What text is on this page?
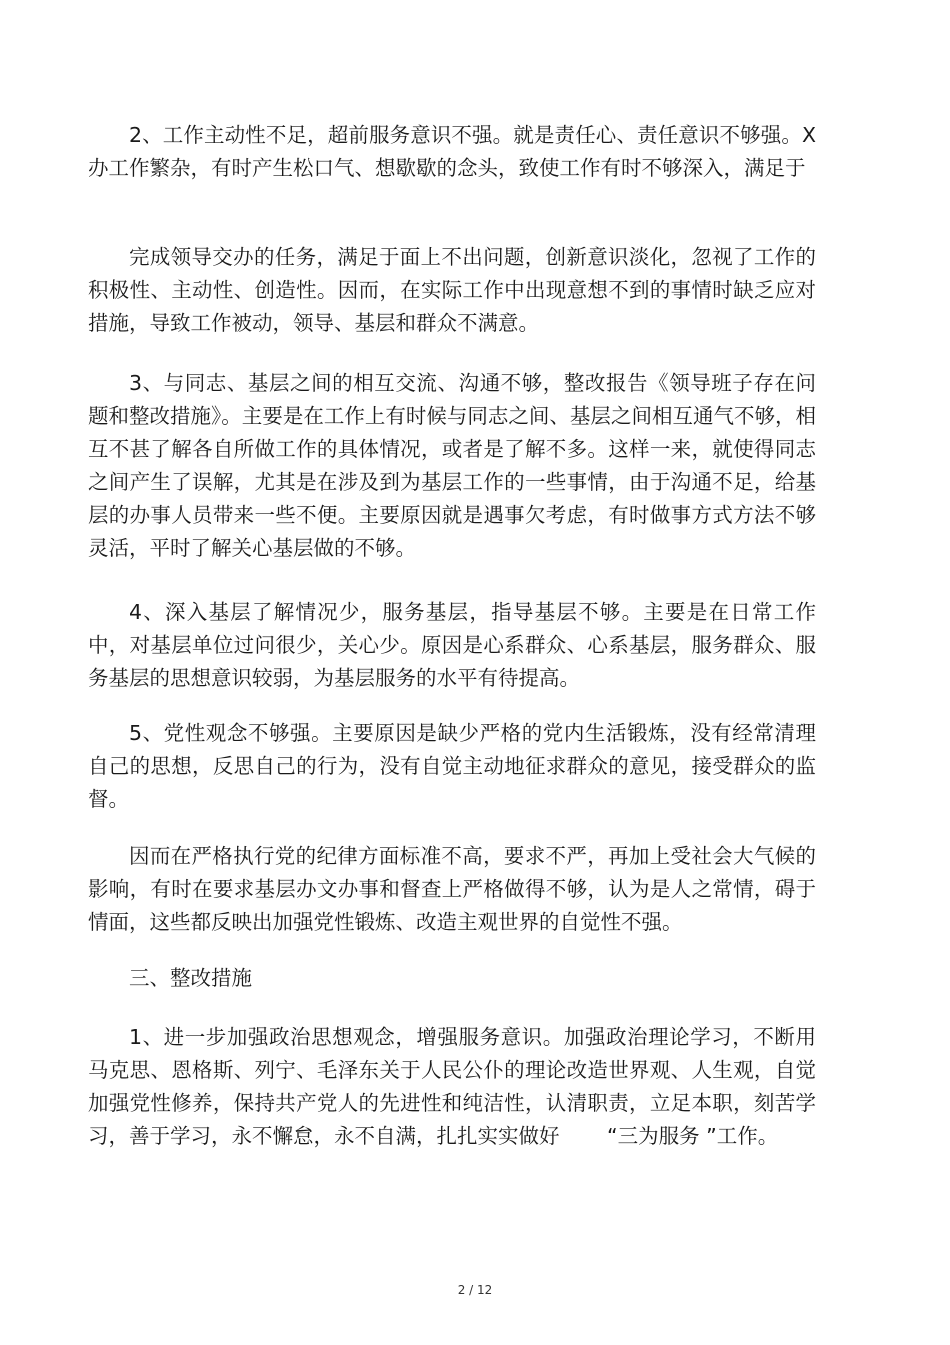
2、工作主动性不足，超前服务意识不强。就是责任心、责任意识不够强。X办工作繁杂，有时产生松口气、想歇歇的念头，致使工作有时不够深入，满足于

完成领导交办的任务，满足于面上不出问题，创新意识淡化，忽视了工作的积极性、主动性、创造性。因而，在实际工作中出现意想不到的事情时缺乏应对措施，导致工作被动，领导、基层和群众不满意。

3、与同志、基层之间的相互交流、沟通不够，整改报告《领导班子存在问题和整改措施》。主要是在工作上有时候与同志之间、基层之间相互通气不够，相互不甚了解各自所做工作的具体情况，或者是了解不多。这样一来，就使得同志之间产生了误解，尤其是在涉及到为基层工作的一些事情，由于沟通不足，给基层的办事人员带来一些不便。主要原因就是遇事欠考虑，有时做事方式方法不够灵活，平时了解关心基层做的不够。

4、深入基层了解情况少，服务基层，指导基层不够。主要是在日常工作中，对基层单位过问很少，关心少。原因是心系群众、心系基层，服务群众、服务基层的思想意识较弱，为基层服务的水平有待提高。

5、党性观念不够强。主要原因是缺少严格的党内生活锻炼，没有经常清理自己的思想，反思自己的行为，没有自觉主动地征求群众的意见，接受群众的监督。

因而在严格执行党的纪律方面标准不高，要求不严，再加上受社会大气候的影响，有时在要求基层办文办事和督查上严格做得不够，认为是人之常情，碍于情面，这些都反映出加强党性锻炼、改造主观世界的自觉性不强。

三、整改措施

1、进一步加强政治思想观念，增强服务意识。加强政治理论学习，不断用马克思、恩格斯、列宁、毛泽东关于人民公仆的理论改造世界观、人生观，自觉加强党性修养，保持共产党人的先进性和纯洁性，认清职责，立足本职，刻苦学习，善于学习，永不懈怠，永不自满，扎扎实实做好　　 “三为服务 ”工作。

2 / 12
